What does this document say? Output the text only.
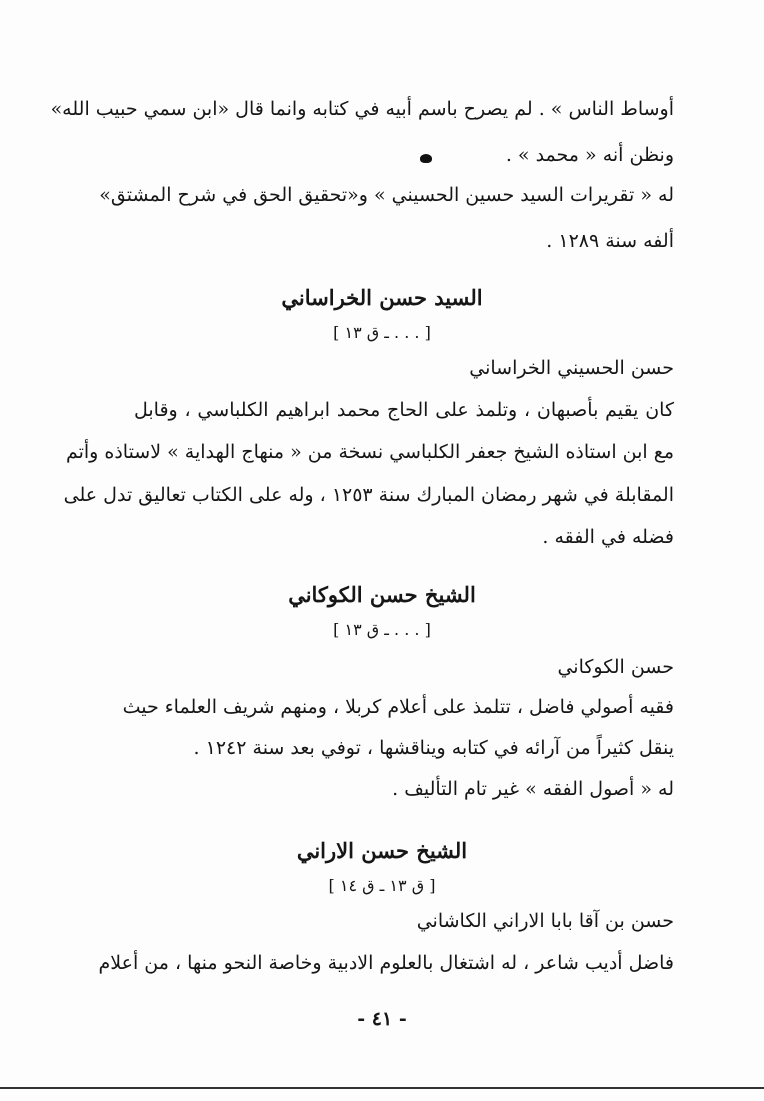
أوساط الناس » . لم يصرح باسم أبيه في كتابه وانما قال «ابن سمي حبيب الله»

ونظن أنه « محمد » .

له « تقريرات السيد حسين الحسيني » و«تحقيق الحق في شرح المشتق»

ألفه سنة ١٢٨٩ .

السيد حسن الخراساني

[ . . . ـ ق ١٣ ]

حسن الحسيني الخراساني

كان يقيم بأصبهان ، وتلمذ على الحاج محمد ابراهيم الكلباسي ، وقابل

مع ابن استاذه الشيخ جعفر الكلباسي نسخة من « منهاج الهداية » لاستاذه وأتم

المقابلة في شهر رمضان المبارك سنة ١٢٥٣ ، وله على الكتاب تعاليق تدل على

فضله في الفقه .

الشيخ حسن الكوكاني

[ . . . ـ ق ١٣ ]

حسن الكوكاني

فقيه أصولي فاضل ، تتلمذ على أعلام كربلا ، ومنهم شريف العلماء حيث

ينقل كثيراً من آرائه في كتابه ويناقشها ، توفي بعد سنة ١٢٤٢ .

له « أصول الفقه » غير تام التأليف .

الشيخ حسن الاراني

[ ق ١٣ ـ ق ١٤ ]

حسن بن آقا بابا الاراني الكاشاني

فاضل أديب شاعر ، له اشتغال بالعلوم الادبية وخاصة النحو منها ، من أعلام

- ٤١ -
